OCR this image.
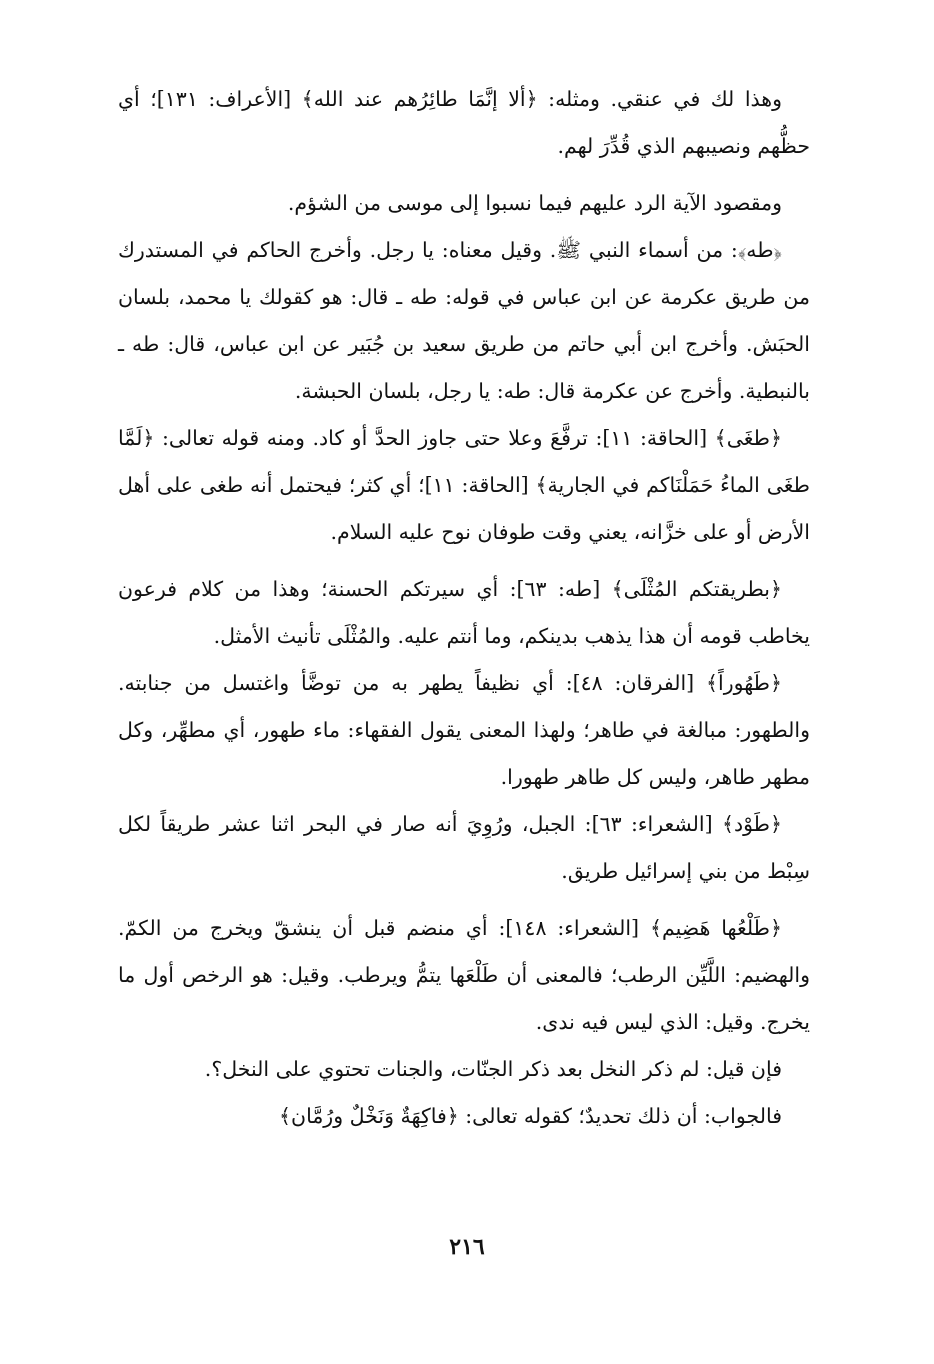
وهذا لك في عنقي. ومثله: ﴿ألا إنَّمَا طائِرُهم عند الله﴾ [الأعراف: ١٣١]؛ أي حظُّهم ونصيبهم الذي قُدِّرَ لهم.

ومقصود الآية الرد عليهم فيما نسبوا إلى موسى من الشؤم.

﴿طه﴾: من أسماء النبي ﷺ. وقيل معناه: يا رجل. وأخرج الحاكم في المستدرك من طريق عكرمة عن ابن عباس في قوله: طه ـ قال: هو كقولك يا محمد، بلسان الحبَش. وأخرج ابن أبي حاتم من طريق سعيد بن جُبَير عن ابن عباس، قال: طه ـ بالنبطية. وأخرج عن عكرمة قال: طه: يا رجل، بلسان الحبشة.

﴿طغَى﴾ [الحاقة: ١١]: ترفَّعَ وعلا حتى جاوز الحدَّ أو كاد. ومنه قوله تعالى: ﴿لَمَّا طغَى الماءُ حَمَلْنَاكم في الجارية﴾ [الحاقة: ١١]؛ أي كثر؛ فيحتمل أنه طغى على أهل الأرض أو على خزَّانه، يعني وقت طوفان نوح عليه السلام.

﴿بطريقتكم المُثْلَى﴾ [طه: ٦٣]: أي سيرتكم الحسنة؛ وهذا من كلام فرعون يخاطب قومه أن هذا يذهب بدينكم، وما أنتم عليه. والمُثْلَى تأنيث الأمثل.

﴿طَهُوراً﴾ [الفرقان: ٤٨]: أي نظيفاً يطهر به من توضَّأ واغتسل من جنابته. والطهور: مبالغة في طاهر؛ ولهذا المعنى يقول الفقهاء: ماء طهور، أي مطهِّر، وكل مطهر طاهر، وليس كل طاهر طهورا.

﴿طَوْد﴾ [الشعراء: ٦٣]: الجبل، ورُوِيَ أنه صار في البحر اثنا عشر طريقاً لكل سِبْط من بني إسرائيل طريق.

﴿طَلْعُها هَضِيم﴾ [الشعراء: ١٤٨]: أي منضم قبل أن ينشقّ ويخرج من الكمّ. والهضيم: اللَّيِّن الرطب؛ فالمعنى أن طَلْعَها يتمُّ ويرطب. وقيل: هو الرخص أول ما يخرج. وقيل: الذي ليس فيه ندى.

فإن قيل: لم ذكر النخل بعد ذكر الجنّات، والجنات تحتوي على النخل؟.

فالجواب: أن ذلك تحديدٌ؛ كقوله تعالى: ﴿فاكِهَةٌ وَنَخْلٌ ورُمَّان﴾

٢١٦
